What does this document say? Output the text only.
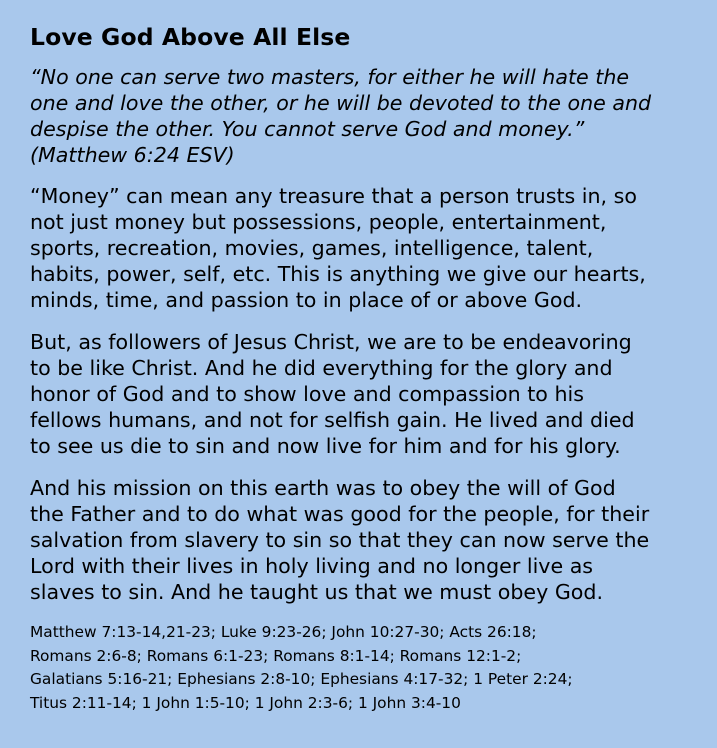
Love God Above All Else
“No one can serve two masters, for either he will hate the
one and love the other, or he will be devoted to the one and
despise the other. You cannot serve God and money.”
(Matthew 6:24 ESV)
“Money” can mean any treasure that a person trusts in, so
not just money but possessions, people, entertainment,
sports, recreation, movies, games, intelligence, talent,
habits, power, self, etc. This is anything we give our hearts,
minds, time, and passion to in place of or above God.
But, as followers of Jesus Christ, we are to be endeavoring
to be like Christ. And he did everything for the glory and
honor of God and to show love and compassion to his
fellows humans, and not for selfish gain. He lived and died
to see us die to sin and now live for him and for his glory.
And his mission on this earth was to obey the will of God
the Father and to do what was good for the people, for their
salvation from slavery to sin so that they can now serve the
Lord with their lives in holy living and no longer live as
slaves to sin. And he taught us that we must obey God.
Matthew 7:13-14,21-23; Luke 9:23-26; John 10:27-30; Acts 26:18;
Romans 2:6-8; Romans 6:1-23; Romans 8:1-14; Romans 12:1-2;
Galatians 5:16-21; Ephesians 2:8-10; Ephesians 4:17-32; 1 Peter 2:24;
Titus 2:11-14; 1 John 1:5-10; 1 John 2:3-6; 1 John 3:4-10
